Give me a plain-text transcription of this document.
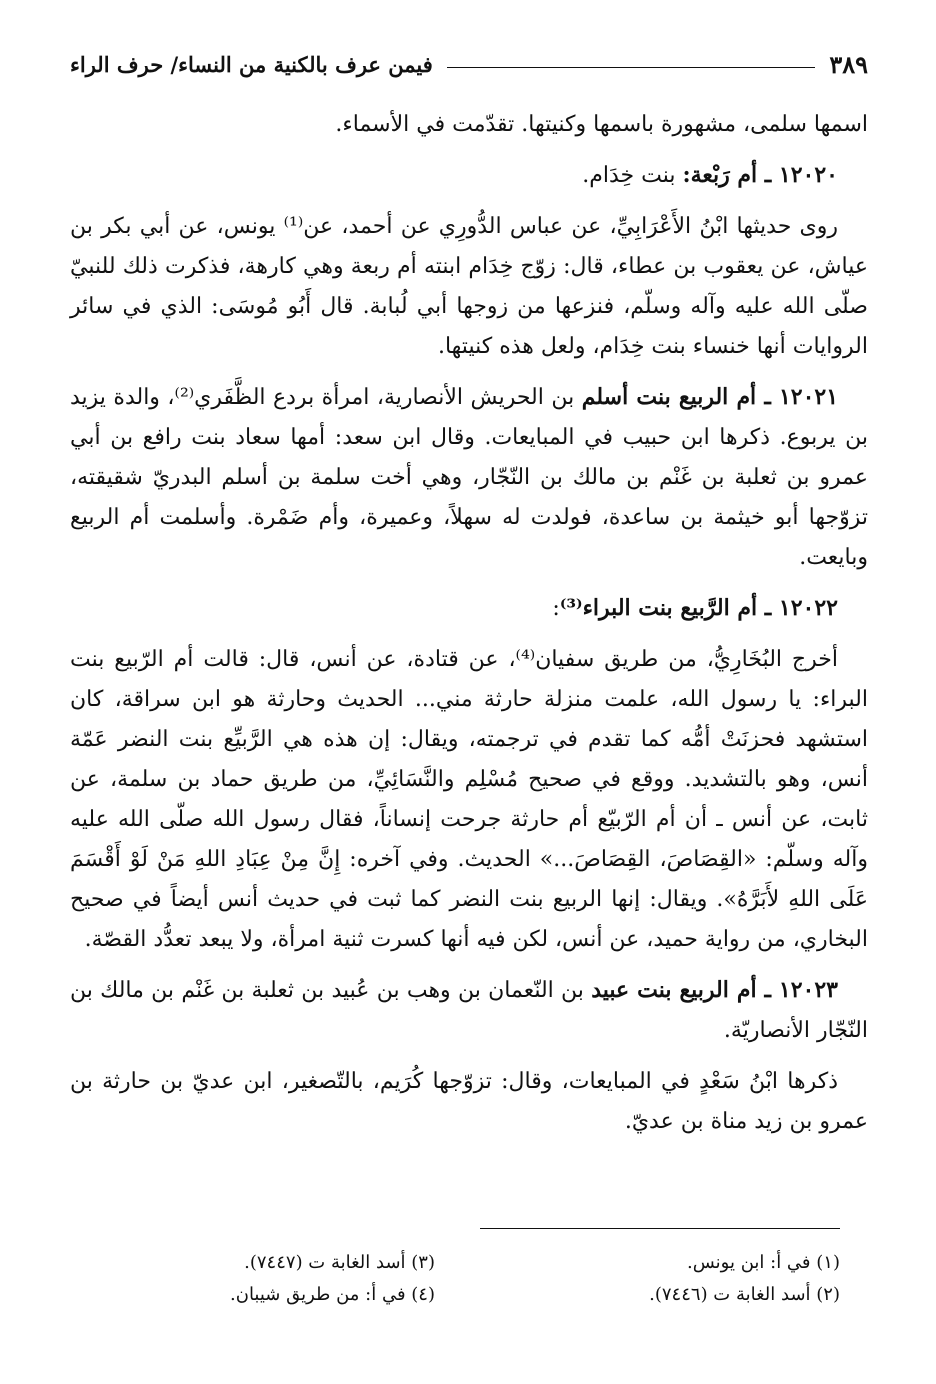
فيمن عرف بالكنية من النساء/ حرف الراء	٣٨٩

اسمها سلمى، مشهورة باسمها وكنيتها. تقدّمت في الأسماء.

١٢٠٢٠ ـ أم رَبْعة: بنت خِدَام.

روى حديثها ابْنُ الأَعْرَابِيِّ، عن عباس الدُّورِي عن أحمد، عن⁽¹⁾ يونس، عن أبي بكر بن عياش، عن يعقوب بن عطاء، قال: زوّج خِدَام ابنته أم ربعة وهي كارهة، فذكرت ذلك للنبيّ صلّى الله عليه وآله وسلّم، فنزعها من زوجها أبي لُبابة. قال أَبُو مُوسَى: الذي في سائر الروايات أنها خنساء بنت خِدَام، ولعل هذه كنيتها.

١٢٠٢١ ـ أم الربيع بنت أسلم بن الحريش الأنصارية، امرأة بردع الظَّفَري⁽²⁾، والدة يزيد بن يربوع. ذكرها ابن حبيب في المبايعات. وقال ابن سعد: أمها سعاد بنت رافع بن أبي عمرو بن ثعلبة بن غَنْم بن مالك بن النّجّار، وهي أخت سلمة بن أسلم البدريّ شقيقته، تزوّجها أبو خيثمة بن ساعدة، فولدت له سهلاً، وعميرة، وأم ضَمْرة. وأسلمت أم الربيع وبايعت.

١٢٠٢٢ ـ أم الرَّبيع بنت البراء⁽³⁾:

أخرج البُخَارِيُّ، من طريق سفيان⁽⁴⁾، عن قتادة، عن أنس، قال: قالت أم الرّبيع بنت البراء: يا رسول الله، علمت منزلة حارثة مني... الحديث وحارثة هو ابن سراقة، كان استشهد فحزنَتْ أمُّه كما تقدم في ترجمته، ويقال: إن هذه هي الرَّبيِّع بنت النضر عَمّة أنس، وهو بالتشديد. ووقع في صحيح مُسْلِم والنَّسَائِيِّ، من طريق حماد بن سلمة، عن ثابت، عن أنس ـ أن أم الرّبيّع أم حارثة جرحت إنساناً، فقال رسول الله صلّى الله عليه وآله وسلّم: «القِصَاصَ، القِصَاصَ...» الحديث. وفي آخره: إِنَّ مِنْ عِبَادِ اللهِ مَنْ لَوْ أَقْسَمَ عَلَى اللهِ لأَبَرَّهُ». ويقال: إنها الربيع بنت النضر كما ثبت في حديث أنس أيضاً في صحيح البخاري، من رواية حميد، عن أنس، لكن فيه أنها كسرت ثنية امرأة، ولا يبعد تعدُّد القصّة.

١٢٠٢٣ ـ أم الربيع بنت عبيد بن النّعمان بن وهب بن عُبيد بن ثعلبة بن غَنْم بن مالك بن النّجّار الأنصاريّة.

ذكرها ابْنُ سَعْدٍ في المبايعات، وقال: تزوّجها كُرَيم، بالتّصغير، ابن عديّ بن حارثة بن عمرو بن زيد مناة بن عديّ.

(١) في أ: ابن يونس.
(٣) أسد الغابة ت (٧٤٤٧).
(٢) أسد الغابة ت (٧٤٤٦).
(٤) في أ: من طريق شيبان.
